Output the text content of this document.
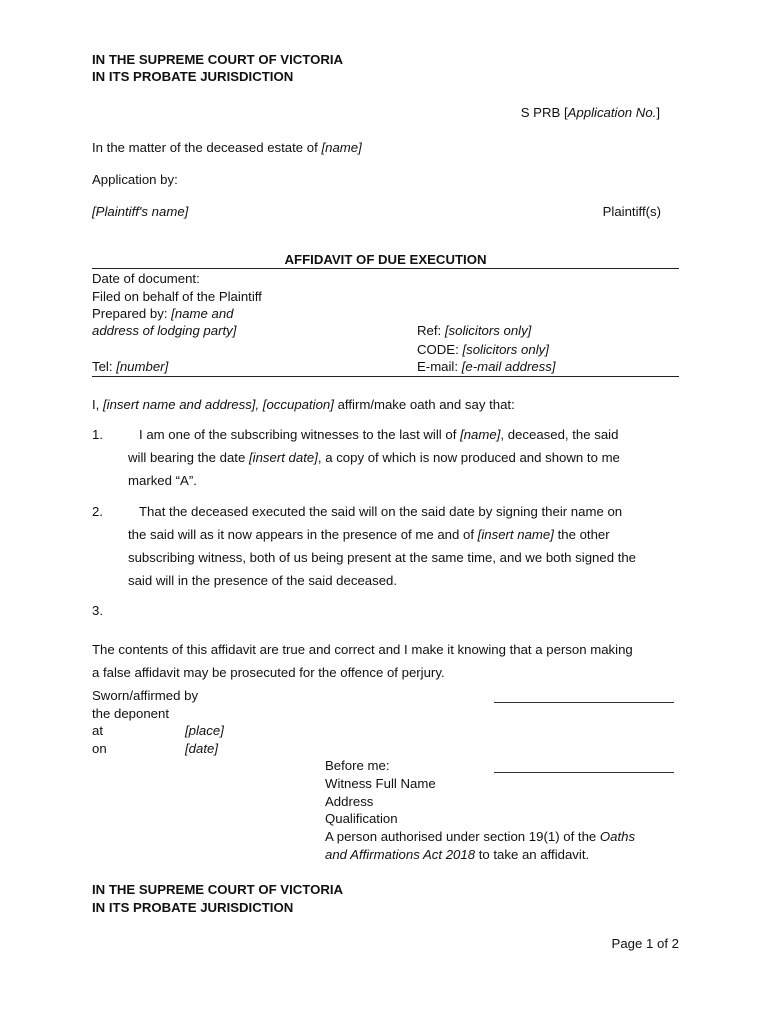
IN THE SUPREME COURT OF VICTORIA
IN ITS PROBATE JURISDICTION
S PRB [Application No.]
In the matter of the deceased estate of [name]
Application by:
[Plaintiff's name]	Plaintiff(s)
AFFIDAVIT OF DUE EXECUTION
Date of document:
Filed on behalf of the Plaintiff
Prepared by: [name and
address of lodging party]	Ref: [solicitors only]
CODE: [solicitors only]
Tel: [number]	E-mail: [e-mail address]
I, [insert name and address], [occupation] affirm/make oath and say that:
1.	I am one of the subscribing witnesses to the last will of [name], deceased, the said
will bearing the date [insert date], a copy of which is now produced and shown to me
marked “A”.
2.	That the deceased executed the said will on the said date by signing their name on
the said will as it now appears in the presence of me and of [insert name] the other
subscribing witness, both of us being present at the same time, and we both signed the
said will in the presence of the said deceased.
3.
The contents of this affidavit are true and correct and I make it knowing that a person making
a false affidavit may be prosecuted for the offence of perjury.
Sworn/affirmed by
the deponent
at	[place]
on	[date]
Before me:
Witness Full Name
Address
Qualification
A person authorised under section 19(1) of the Oaths
and Affirmations Act 2018 to take an affidavit.
IN THE SUPREME COURT OF VICTORIA
IN ITS PROBATE JURISDICTION
Page 1 of 2
